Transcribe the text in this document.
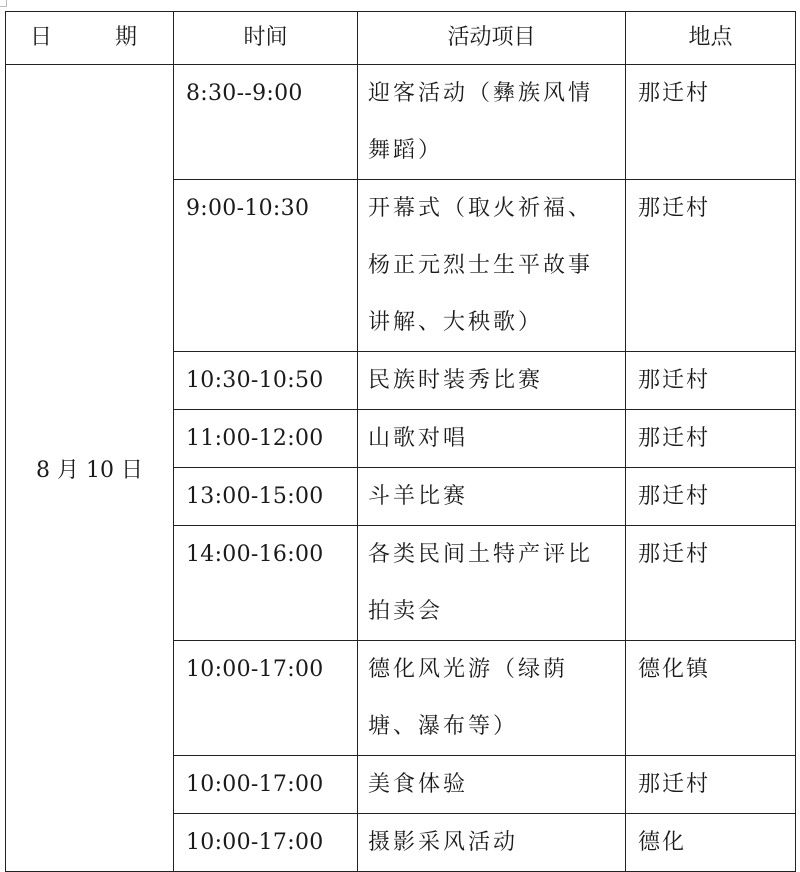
日 期	时间	活动项目	地点

8 月 10 日	8:30--9:00	迎客活动（彝族风情舞蹈）	那迁村

	9:00-10:30	开幕式（取火祈福、杨正元烈士生平故事讲解、大秧歌）	那迁村

	10:30-10:50	民族时装秀比赛	那迁村

	11:00-12:00	山歌对唱	那迁村

	13:00-15:00	斗羊比赛	那迁村

	14:00-16:00	各类民间土特产评比拍卖会	那迁村

	10:00-17:00	德化风光游（绿荫塘、瀑布等）	德化镇

	10:00-17:00	美食体验	那迁村

	10:00-17:00	摄影采风活动	德化
